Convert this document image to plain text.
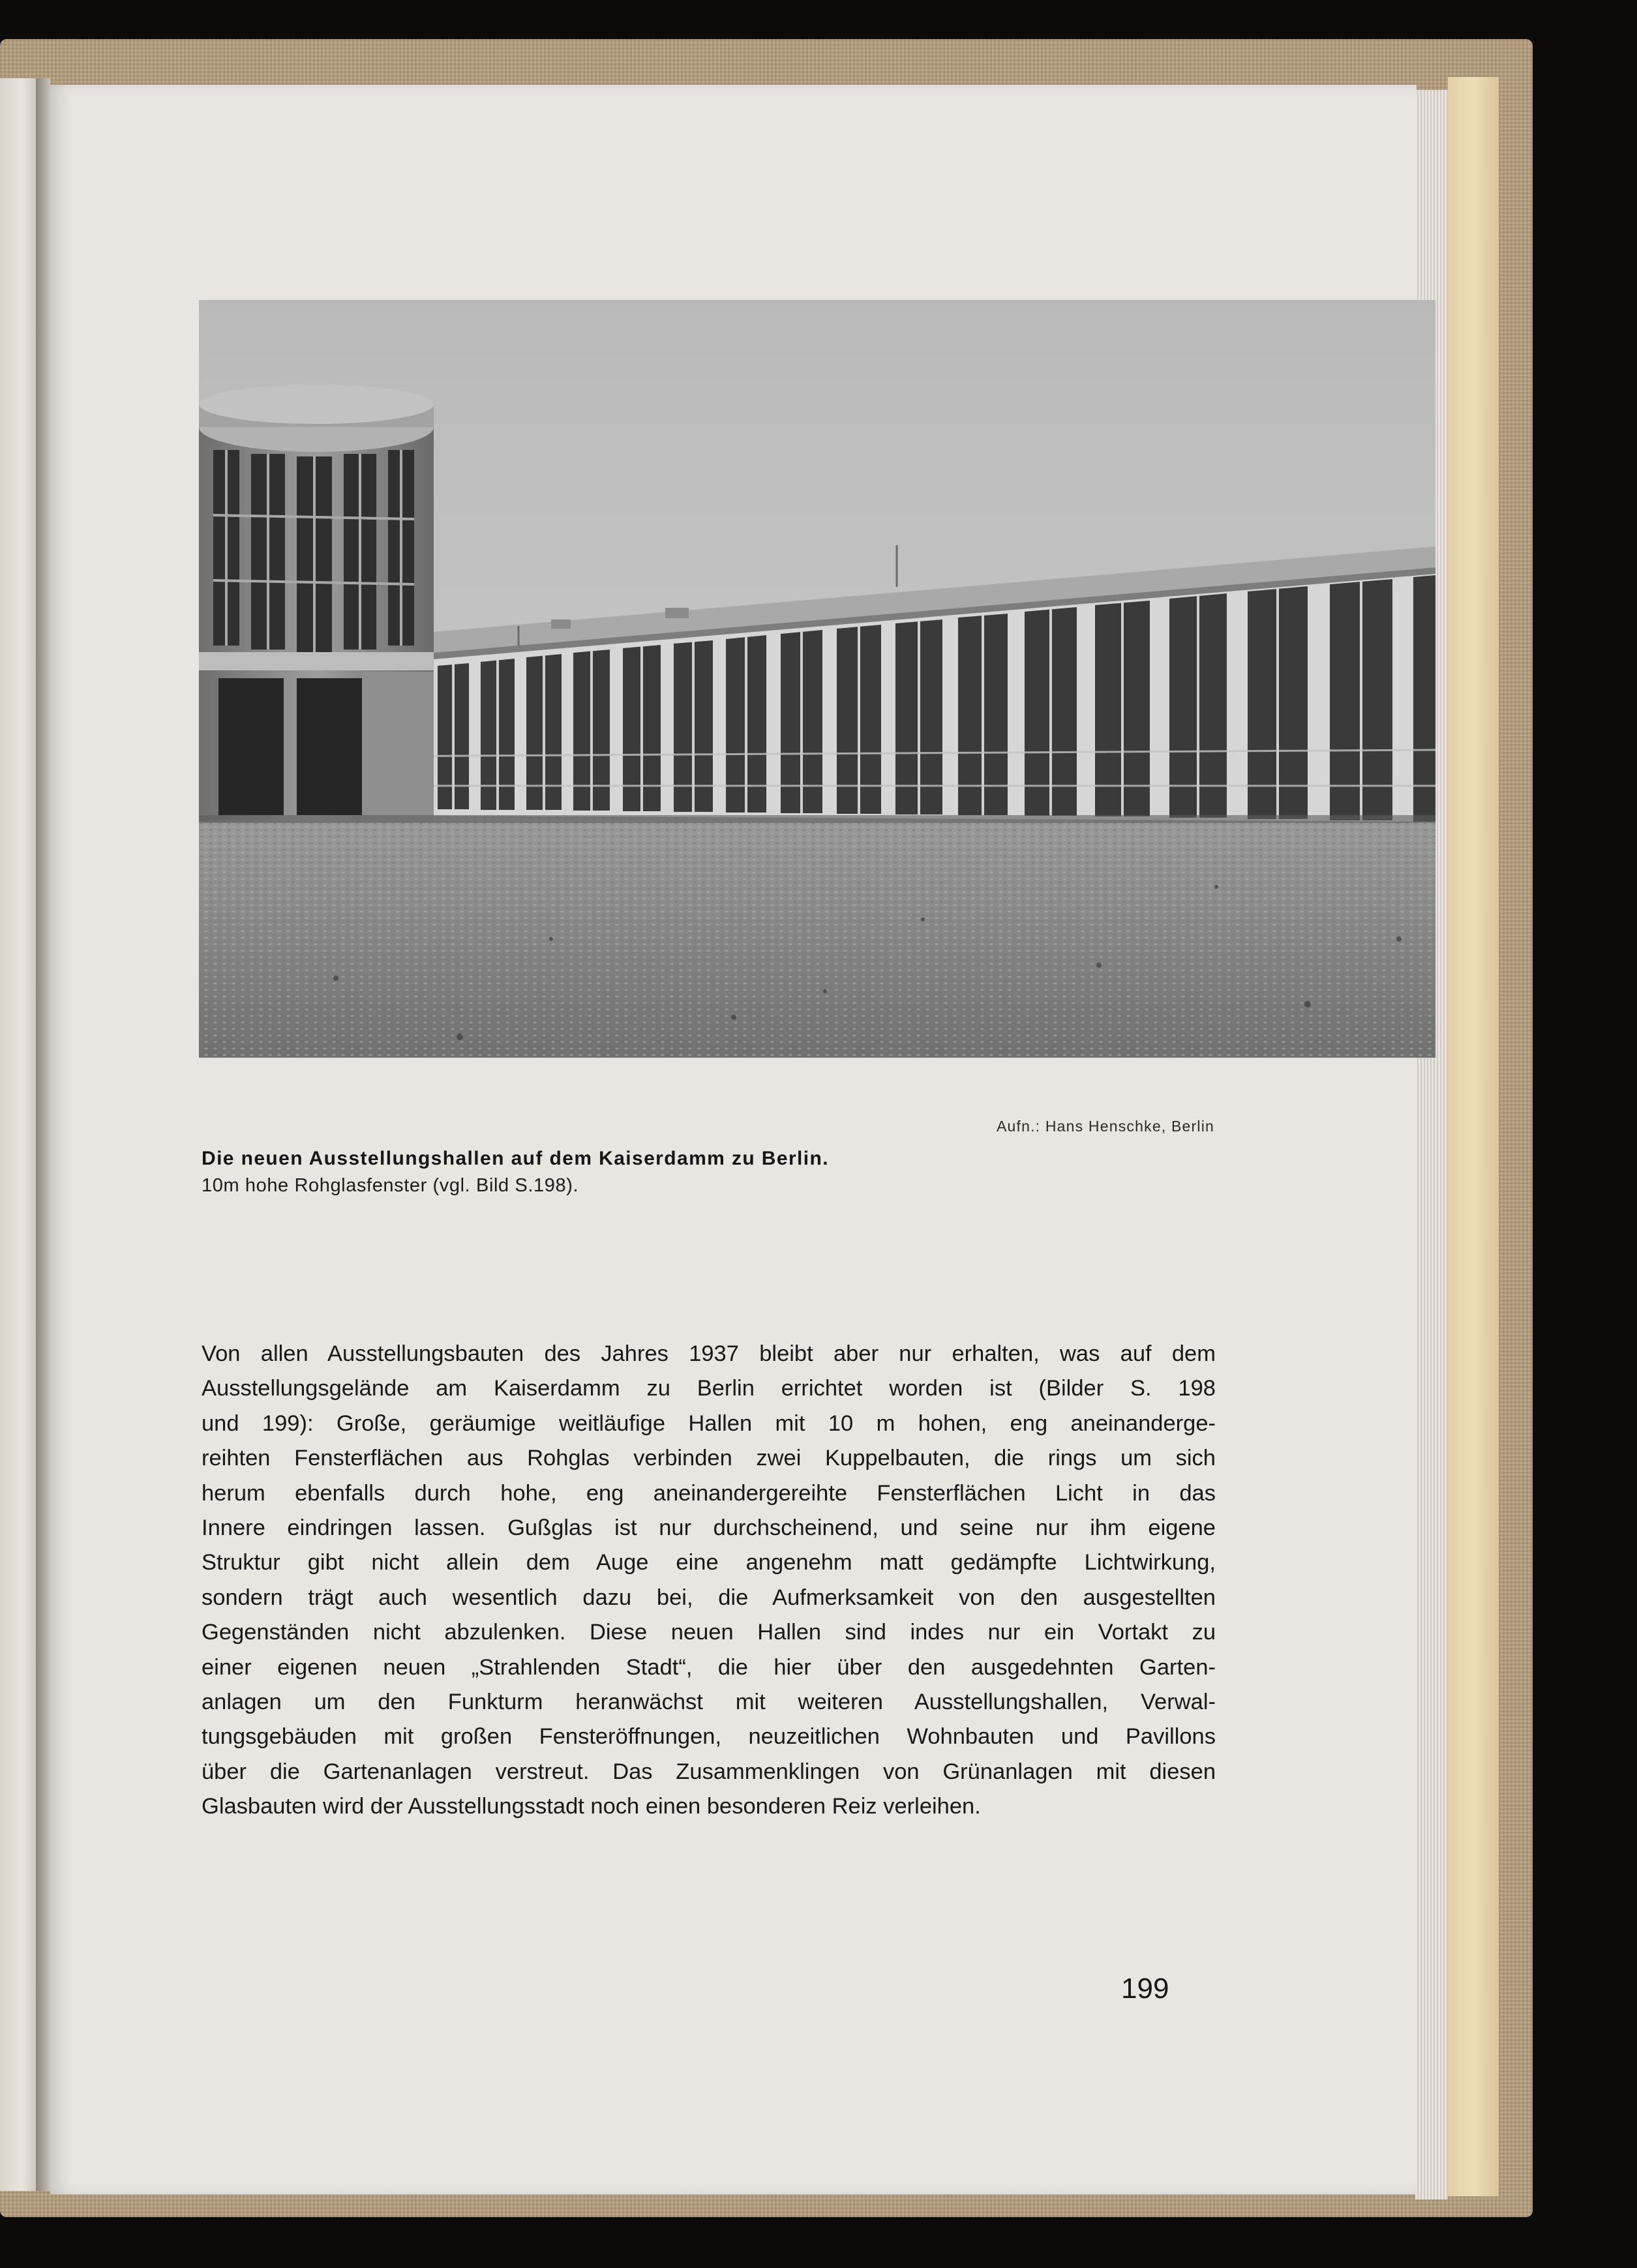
Aufn.: Hans Henschke, Berlin
Die neuen Ausstellungshallen auf dem Kaiserdamm zu Berlin.
10m hohe Rohglasfenster (vgl. Bild S.198).
Von allen Ausstellungsbauten des Jahres 1937 bleibt aber nur erhalten, was auf dem
Ausstellungsgelände am Kaiserdamm zu Berlin errichtet worden ist (Bilder S. 198
und 199): Große, geräumige weitläufige Hallen mit 10 m hohen, eng aneinanderge-
reihten Fensterflächen aus Rohglas verbinden zwei Kuppelbauten, die rings um sich
herum ebenfalls durch hohe, eng aneinandergereihte Fensterflächen Licht in das
Innere eindringen lassen. Gußglas ist nur durchscheinend, und seine nur ihm eigene
Struktur gibt nicht allein dem Auge eine angenehm matt gedämpfte Lichtwirkung,
sondern trägt auch wesentlich dazu bei, die Aufmerksamkeit von den ausgestellten
Gegenständen nicht abzulenken. Diese neuen Hallen sind indes nur ein Vortakt zu
einer eigenen neuen „Strahlenden Stadt“, die hier über den ausgedehnten Garten-
anlagen um den Funkturm heranwächst mit weiteren Ausstellungshallen, Verwal-
tungsgebäuden mit großen Fensteröffnungen, neuzeitlichen Wohnbauten und Pavillons
über die Gartenanlagen verstreut. Das Zusammenklingen von Grünanlagen mit diesen
Glasbauten wird der Ausstellungsstadt noch einen besonderen Reiz verleihen.
199
